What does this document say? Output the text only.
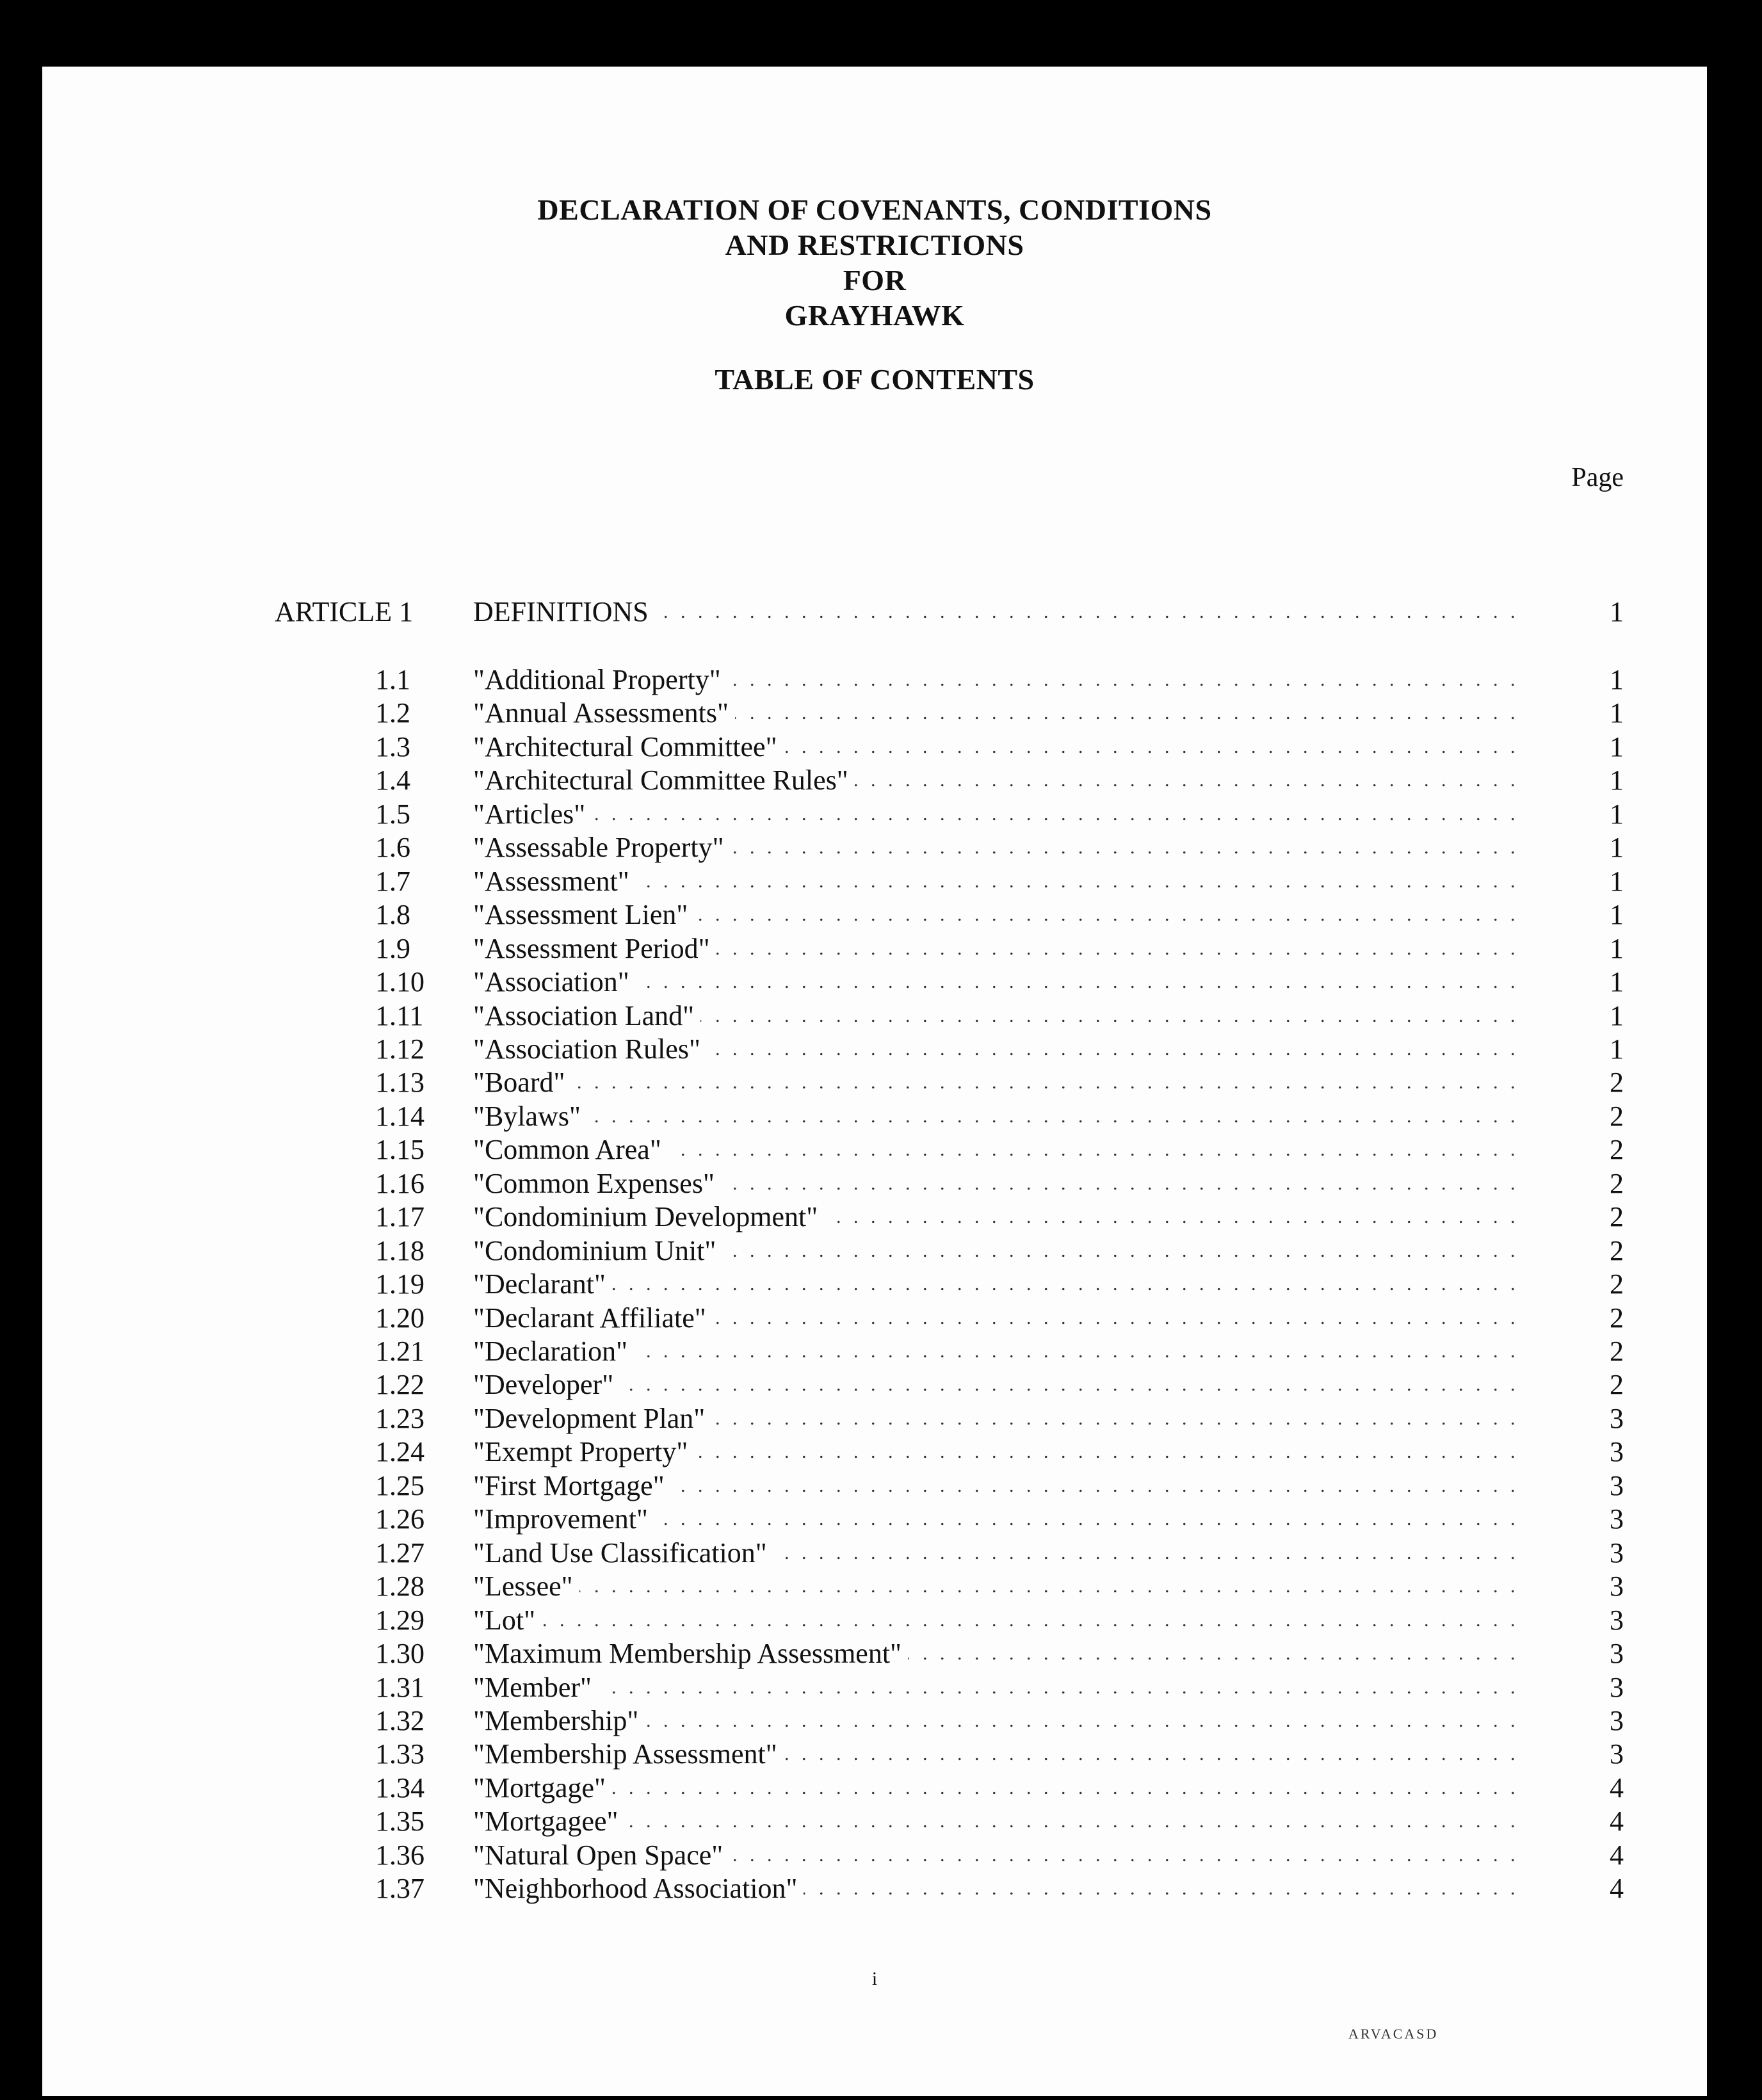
DECLARATION OF COVENANTS, CONDITIONS
AND RESTRICTIONS
FOR
GRAYHAWK
TABLE OF CONTENTS
Page
ARTICLE 1 DEFINITIONS . . .	1
1.1 "Additional Property" . . .	1
1.2 "Annual Assessments" . . .	1
1.3 "Architectural Committee" . . .	1
1.4 "Architectural Committee Rules" . . .	1
1.5 "Articles" . . .	1
1.6 "Assessable Property" . . .	1
1.7 "Assessment" . . .	1
1.8 "Assessment Lien" . . .	1
1.9 "Assessment Period" . . .	1
1.10 "Association" . . .	1
1.11 "Association Land" . . .	1
1.12 "Association Rules" . . .	1
1.13 "Board" . . .	2
1.14 "Bylaws" . . .	2
1.15 "Common Area" . . .	2
1.16 "Common Expenses" . . .	2
1.17 "Condominium Development" . . .	2
1.18 "Condominium Unit" . . .	2
1.19 "Declarant" . . .	2
1.20 "Declarant Affiliate" . . .	2
1.21 "Declaration" . . .	2
1.22 "Developer" . . .	2
1.23 "Development Plan" . . .	3
1.24 "Exempt Property" . . .	3
1.25 "First Mortgage" . . .	3
1.26 "Improvement" . . .	3
1.27 "Land Use Classification" . . .	3
1.28 "Lessee" . . .	3
1.29 "Lot" . . .	3
1.30 "Maximum Membership Assessment" . . .	3
1.31 "Member" . . .	3
1.32 "Membership" . . .	3
1.33 "Membership Assessment" . . .	3
1.34 "Mortgage" . . .	4
1.35 "Mortgagee" . . .	4
1.36 "Natural Open Space" . . .	4
1.37 "Neighborhood Association" . . .	4
i
ARVACASD
